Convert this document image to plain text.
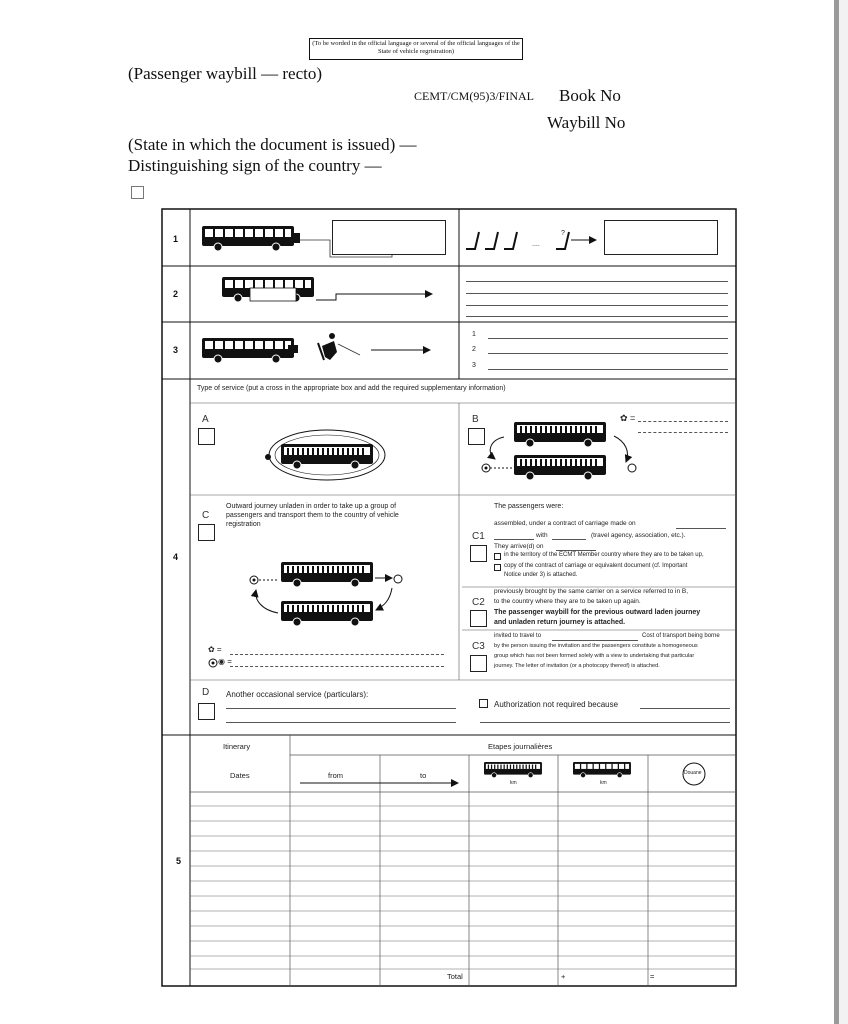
(To be worded in the official language or several of the official languages of the State of vehicle regristration)
(Passenger waybill — recto)
CEMT/CM(95)3/FINAL Book No
Waybill No
(State in which the document is issued) —
Distinguishing sign of the country —
1
2
3
4
5
?
....
1
2
3
Type of service (put a cross in the appropriate box and add the required supplementary information)
A	B	✿ =
C
Outward journey unladen in order to take up a group of
passengers and transport them to the country of vehicle
registration
✿ =
◉ =
The passengers were:
C1
assembled, under a contract of carriage made on
with	(travel agency, association, etc.).
They arrive(d) on
in the territory of the ECMT Member country where they are to be taken up,
copy of the contract of carriage or equivalent document (cf. Important
Notice under 3) is attached.
C2
previously brought by the same carrier on a service referred to in B,
to the country where they are to be taken up again.
The passenger waybill for the previous outward laden journey
and unladen return journey is attached.
C3
invited to travel to	Cost of transport being borne
by the person issuing the invitation and the passengers constitute a homogeneous
group which has not been formed solely with a view to undertaking that particular
journey. The letter of invitation (or a photocopy thereof) is attached.
D Another occasional service (particulars):
Authorization not required because
Itinerary	Etapes journalières
Dates	from	to
km	km
Douane
Total	+	=
